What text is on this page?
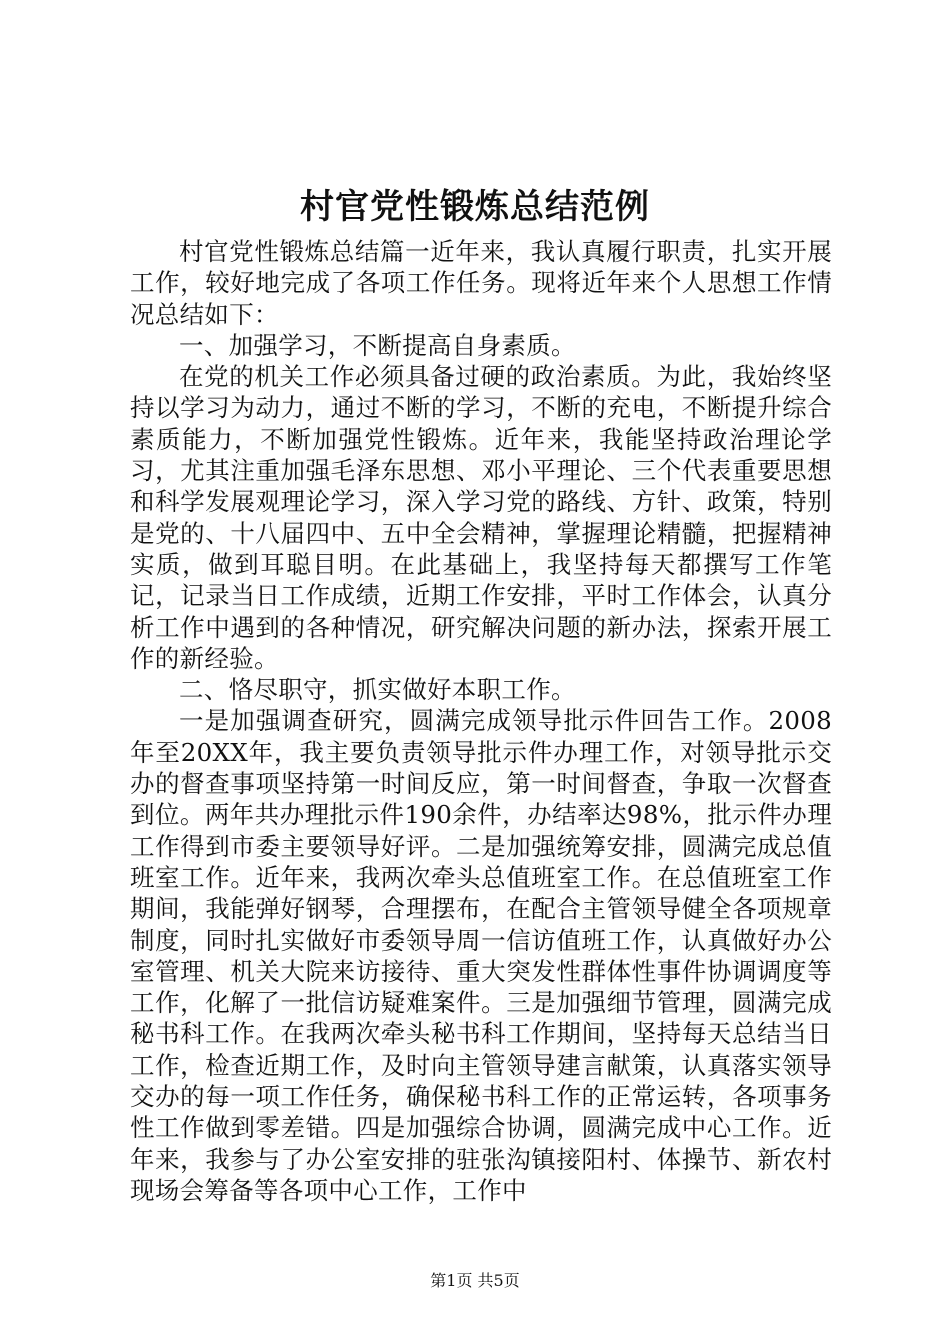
村官党性锻炼总结范例

村官党性锻炼总结篇一近年来，我认真履行职责，扎实开展工作，较好地完成了各项工作任务。现将近年来个人思想工作情况总结如下：

一、加强学习，不断提高自身素质。

在党的机关工作必须具备过硬的政治素质。为此，我始终坚持以学习为动力，通过不断的学习，不断的充电，不断提升综合素质能力，不断加强党性锻炼。近年来，我能坚持政治理论学习，尤其注重加强毛泽东思想、邓小平理论、三个代表重要思想和科学发展观理论学习，深入学习党的路线、方针、政策，特别是党的、十八届四中、五中全会精神，掌握理论精髓，把握精神实质，做到耳聪目明。在此基础上，我坚持每天都撰写工作笔记，记录当日工作成绩，近期工作安排，平时工作体会，认真分析工作中遇到的各种情况，研究解决问题的新办法，探索开展工作的新经验。

二、恪尽职守，抓实做好本职工作。

一是加强调查研究，圆满完成领导批示件回告工作。2008年至20XX年，我主要负责领导批示件办理工作，对领导批示交办的督查事项坚持第一时间反应，第一时间督查，争取一次督查到位。两年共办理批示件190余件，办结率达98%，批示件办理工作得到市委主要领导好评。二是加强统筹安排，圆满完成总值班室工作。近年来，我两次牵头总值班室工作。在总值班室工作期间，我能弹好钢琴，合理摆布，在配合主管领导健全各项规章制度，同时扎实做好市委领导周一信访值班工作，认真做好办公室管理、机关大院来访接待、重大突发性群体性事件协调调度等工作，化解了一批信访疑难案件。三是加强细节管理，圆满完成秘书科工作。在我两次牵头秘书科工作期间，坚持每天总结当日工作，检查近期工作，及时向主管领导建言献策，认真落实领导交办的每一项工作任务，确保秘书科工作的正常运转，各项事务性工作做到零差错。四是加强综合协调，圆满完成中心工作。近年来，我参与了办公室安排的驻张沟镇接阳村、体操节、新农村现场会筹备等各项中心工作，工作中

第1页 共5页
